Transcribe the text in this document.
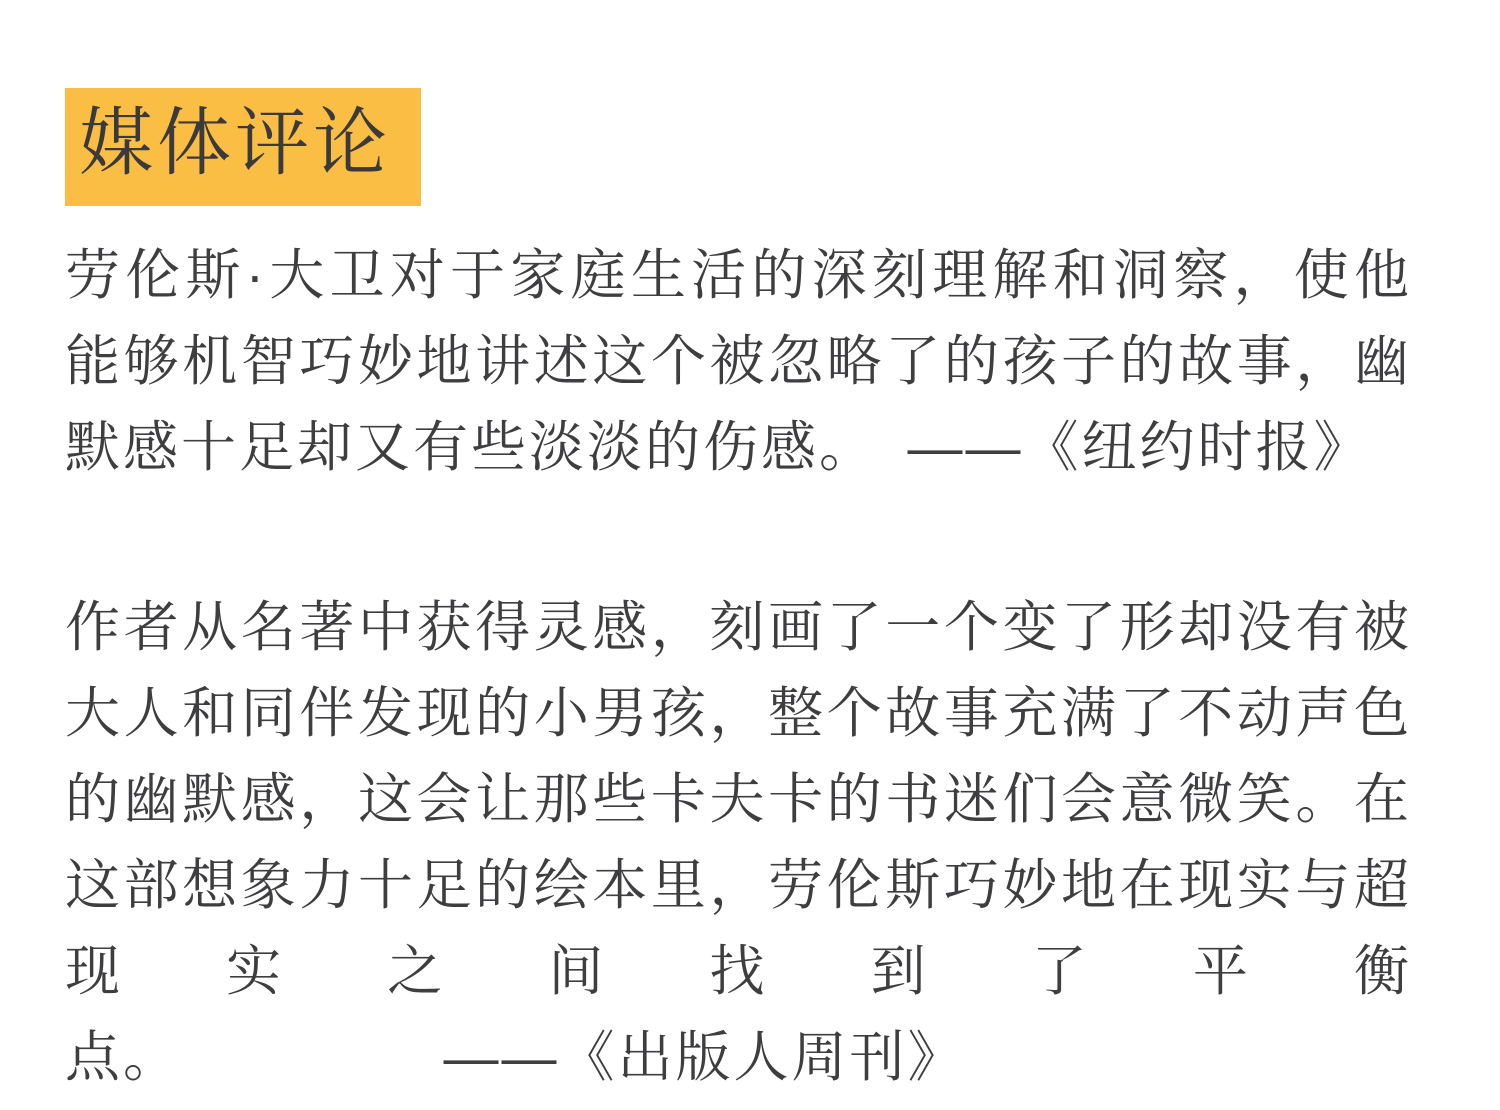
媒体评论

劳伦斯·大卫对于家庭生活的深刻理解和洞察，使他能够机智巧妙地讲述这个被忽略了的孩子的故事，幽默感十足却又有些淡淡的伤感。　——《纽约时报》

作者从名著中获得灵感，刻画了一个变了形却没有被大人和同伴发现的小男孩，整个故事充满了不动声色的幽默感，这会让那些卡夫卡的书迷们会意微笑。在这部想象力十足的绘本里，劳伦斯巧妙地在现实与超现实之间找到了平衡点。　　　　　——《出版人周刊》
